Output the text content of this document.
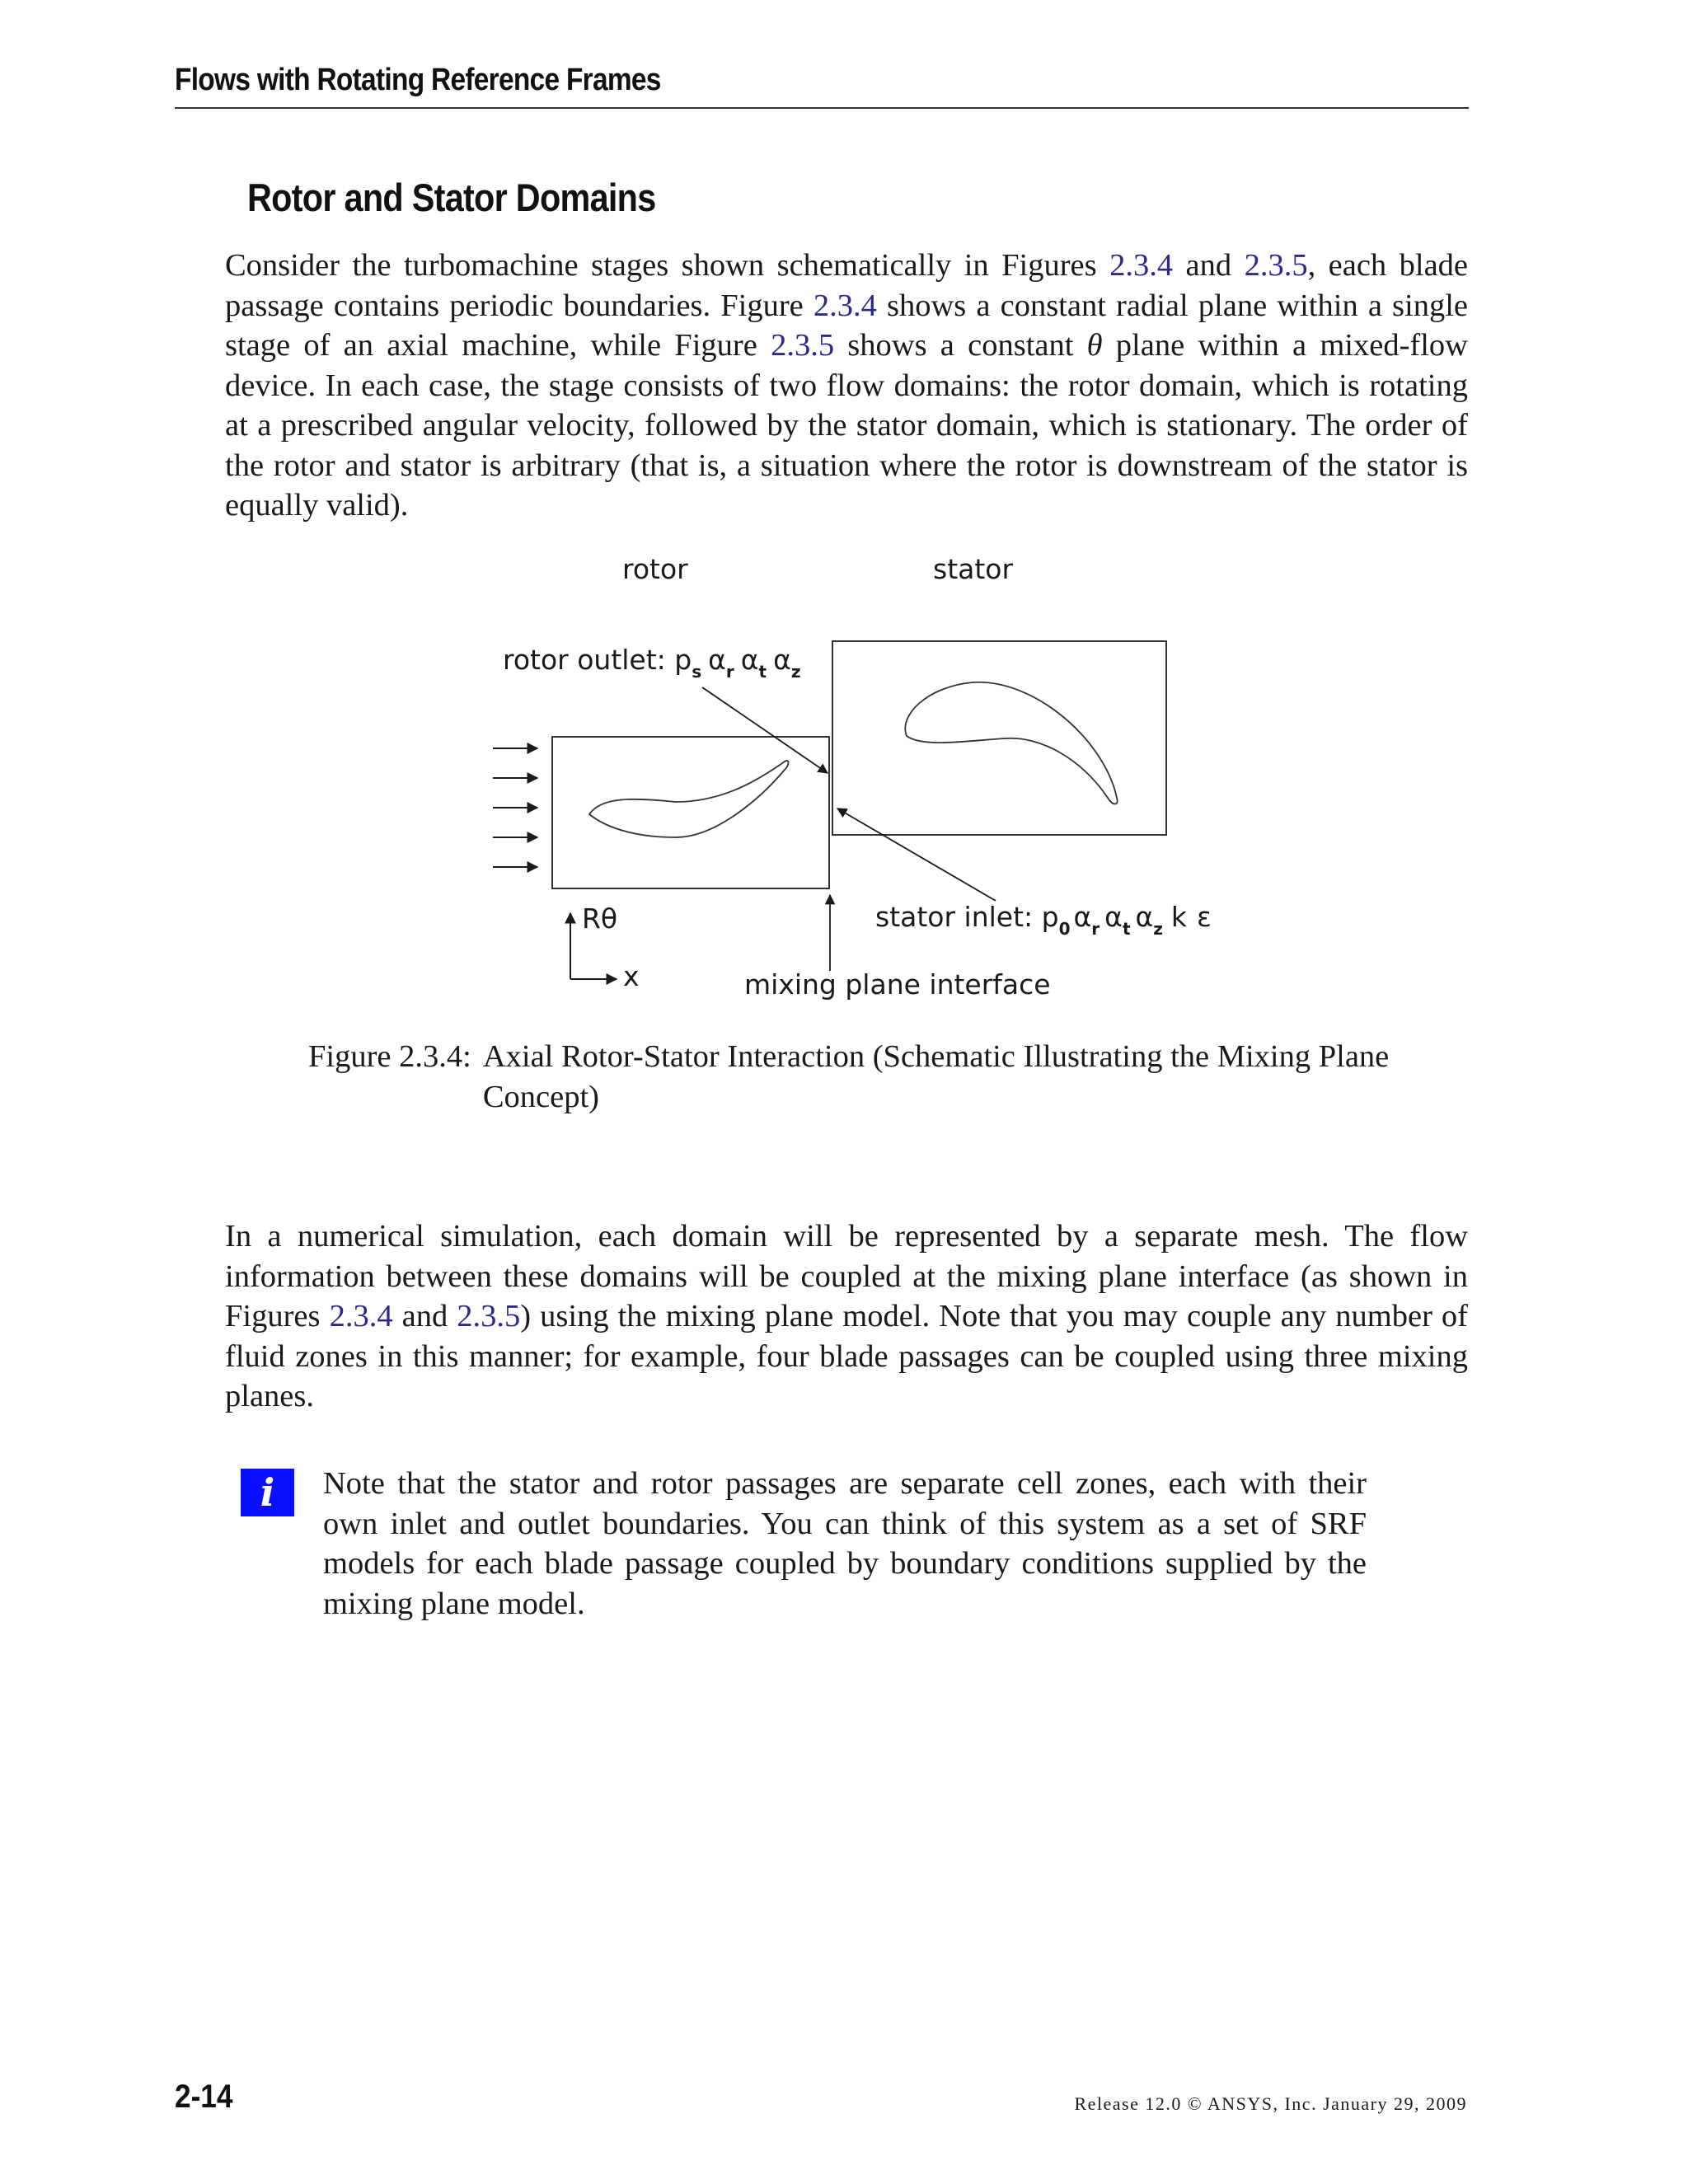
Flows with Rotating Reference Frames
Rotor and Stator Domains

Consider the turbomachine stages shown schematically in Figures 2.3.4 and 2.3.5, each blade passage contains periodic boundaries. Figure 2.3.4 shows a constant radial plane within a single stage of an axial machine, while Figure 2.3.5 shows a constant θ plane within a mixed-flow device. In each case, the stage consists of two flow domains: the rotor domain, which is rotating at a prescribed angular velocity, followed by the stator domain, which is stationary. The order of the rotor and stator is arbitrary (that is, a situation where the rotor is downstream of the stator is equally valid).

rotor	stator
rotor outlet: $p_s$ $\alpha_r$ $\alpha_t$ $\alpha_z$
Rθ
x	mixing plane interface
stator inlet: $p_0$ $\alpha_r$ $\alpha_t$ $\alpha_z$ k ε
Figure 2.3.4: Axial Rotor-Stator Interaction (Schematic Illustrating the Mixing Plane Concept)

In a numerical simulation, each domain will be represented by a separate mesh. The flow information between these domains will be coupled at the mixing plane interface (as shown in Figures 2.3.4 and 2.3.5) using the mixing plane model. Note that you may couple any number of fluid zones in this manner; for example, four blade passages can be coupled using three mixing planes.

i	Note that the stator and rotor passages are separate cell zones, each with their own inlet and outlet boundaries. You can think of this system as a set of SRF models for each blade passage coupled by boundary conditions supplied by the mixing plane model.

2-14	Release 12.0 © ANSYS, Inc. January 29, 2009
